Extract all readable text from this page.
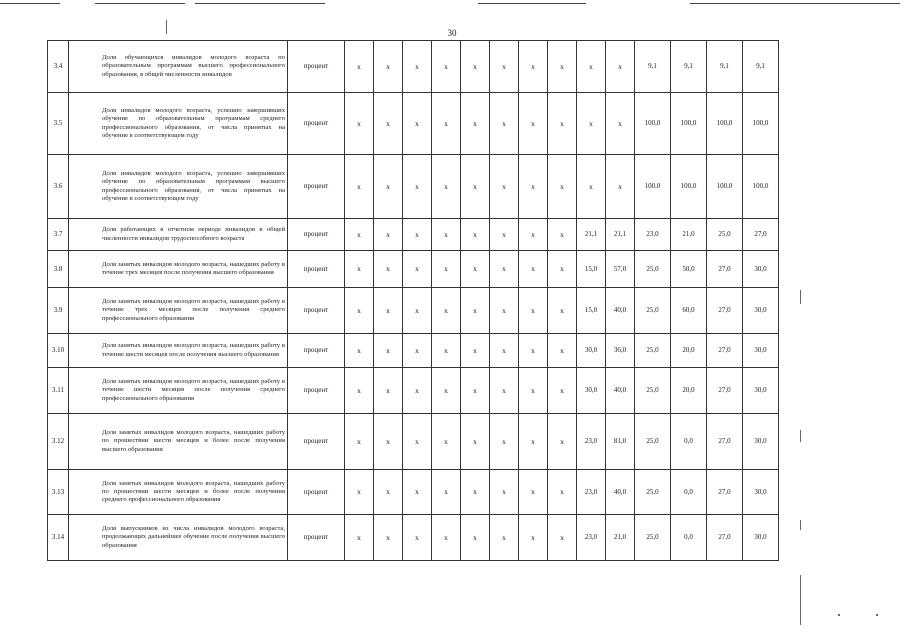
30
3.4	Доля обучающихся инвалидов молодого возраста по образовательным программам высшего профессионального образования, в общей численности инвалидов	процент	х	х	х	х	х	х	х	х	х	х	9,1	9,1	9,1	9,1
3.5	Доля инвалидов молодого возраста, успешно завершивших обучение по образовательным программам среднего профессионального образования, от числа принятых на обучение в соответствующем году	процент	х	х	х	х	х	х	х	х	х	х	100,0	100,0	100,0	100,0
3.6	Доля инвалидов молодого возраста, успешно завершивших обучение по образовательным программам высшего профессионального образования, от числа принятых на обучение в соответствующем году	процент	х	х	х	х	х	х	х	х	х	х	100,0	100,0	100,0	100,0
3.7	Доля работающих в отчетном периоде инвалидов в общей численности инвалидов трудоспособного возраста	процент	х	х	х	х	х	х	х	х	21,1	21,1	23,0	21,0	25,0	27,0
3.8	Доля занятых инвалидов молодого возраста, нашедших работу в течение трех месяцев после получения высшего образования	процент	х	х	х	х	х	х	х	х	15,0	57,0	25,0	50,0	27,0	30,0
3.9	Доля занятых инвалидов молодого возраста, нашедших работу в течение трех месяцев после получения среднего профессионального образования	процент	х	х	х	х	х	х	х	х	15,0	40,0	25,0	60,0	27,0	30,0
3.10	Доля занятых инвалидов молодого возраста, нашедших работу в течение шести месяцев после получения высшего образования	процент	х	х	х	х	х	х	х	х	30,0	36,0	25,0	20,0	27,0	30,0
3.11	Доля занятых инвалидов молодого возраста, нашедших работу в течение шести месяцев после получения среднего профессионального образования	процент	х	х	х	х	х	х	х	х	30,0	40,0	25,0	20,0	27,0	30,0
3.12	Доля занятых инвалидов молодого возраста, нашедших работу по прошествии шести месяцев и более после получения высшего образования	процент	х	х	х	х	х	х	х	х	23,0	81,0	25,0	0,0	27,0	30,0
3.13	Доля занятых инвалидов молодого возраста, нашедших работу по прошествии шести месяцев и более после получения среднего профессионального образования	процент	х	х	х	х	х	х	х	х	23,0	40,0	25,0	0,0	27,0	30,0
3.14	Доля выпускников из числа инвалидов молодого возраста, продолжающих дальнейшее обучение после получения высшего образования	процент	х	х	х	х	х	х	х	х	23,0	21,0	25,0	0,0	27,0	30,0
